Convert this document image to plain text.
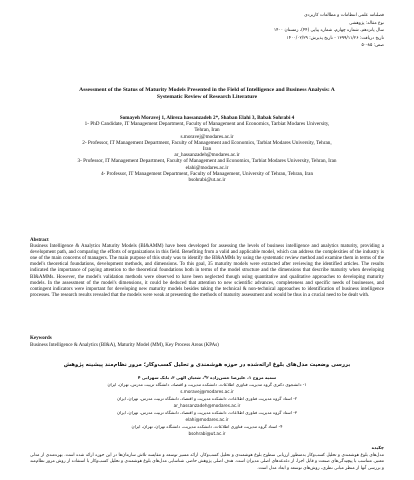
فصلنامه علمی انتظامات و مطالعات کاربردی
نوع مقاله: پژوهشی
سال پانزدهم، شماره چهارم، شماره پیاپی (۴۴)، زمستان ۱۴۰۰
تاریخ دریافت: ۱۳۹۹/۱۱/۲۶ - تاریخ پذیرش: ۱۴۰۰/۰۲/۲۹
صص: ۸۵-۵۰
Assessment of the Status of Maturity Models Presented in the Field of Intelligence and Business Analysis: A
Systematic Review of Research Literature
Somayeh Moravej 1, Alireza hassanzadeh 2*, Shaban Elahi 3, Babak Sohrabi 4
1- PhD Candidate, IT Management Department, Faculty of Management and Economics, Tarbiat Modares University,
Tehran, Iran
s.moravej@modares.ac.ir
2- Professor, IT Management Department, Faculty of Management and Economics, Tarbiat Modares University, Tehran,
Iran
ar_hassanzadeh@modares.ac.ir
3- Professor, IT Management Department, Faculty of Management and Economics, Tarbiat Modares University, Tehran, Iran
elahi@modares.ac.ir
4- Professor, IT Management Department, Faculty of Management, University of Tehran, Tehran, Iran
bsohrabi@ut.ac.ir
Abstract
Business Intelligence & Analytics Maturity Models (BI&AMM) have been developed for assessing the levels of business intelligence and analytics maturity, providing a development path, and comparing the efforts of organizations in this field. Benefiting from a valid and applicable model, which can address the complexities of the industry is one of the main concerns of managers. The main purpose of this study was to identify the BI&AMMs by using the systematic review method and examine them in terms of the model's theoretical foundations, development methods, and dimensions. To this goal, 35 maturity models were extracted after reviewing the identified articles. The results indicated the importance of paying attention to the theoretical foundations both in terms of the model structure and the dimensions that describe maturity when developing BI&AMMs. However, the model's validation methods were observed to have been neglected though using quantitative and qualitative approaches to developing maturity models. In the assessment of the model's dimensions, it could be deduced that attention to new scientific advances, completeness and specific needs of businesses, and contingent indicators were important for developing new maturity models besides taking the technical & non-technical approaches to identification of business intelligence processes. The research results revealed that the models were weak at presenting the methods of maturity assessment and would be thus in a crucial need to be dealt with.
Keywords
Business Intelligence & Analytics (BI&A), Maturity Model (MM), Key Process Areas (KPAs)
بررسی وضعیت مدل‌های بلوغ ارائه‌شده در حوزه هوشمندی و تحلیل کسب‌وکار؛ مرور نظام‌مند پیشینه پژوهش
سمیه مروج ۱، علیرضا حسن‌زاده ۲*، شعبان الهی ۳، بابک سهرابی ۴
۱- دانشجوی دکتری گروه مدیریت فناوری اطلاعات، دانشکده مدیریت و اقتصاد، دانشگاه تربیت مدرس، تهران، ایران
s.moravej@modares.ac.ir
۲- استاد گروه مدیریت فناوری اطلاعات، دانشکده مدیریت و اقتصاد، دانشگاه تربیت مدرس، تهران، ایران
ar_hassanzadeh@modares.ac.ir
۳- استاد گروه مدیریت فناوری اطلاعات، دانشکده مدیریت و اقتصاد، دانشگاه تربیت مدرس، تهران، ایران
elahi@modares.ac.ir
۴- استاد گروه مدیریت فناوری اطلاعات، دانشکده مدیریت، دانشگاه تهران، تهران، ایران
bsohrabi@ut.ac.ir
چکیده
مدل‌های بلوغ هوشمندی و تحلیل کسب‌وکار به‌منظور ارزیابی سطوح بلوغ هوشمندی و تحلیل کسب‌وکار، ارائه مسیر توسعه و مقایسه تلاش سازمان‌ها در این حوزه ارائه شده است. بهره‌مندی از مدلی معتبر، متناسب با پیچیدگی‌های صنعت و قابل اجرا، از دغدغه‌های اصلی مدیران است. هدف اصلی پژوهش حاضر، شناسایی مدل‌های بلوغ هوشمندی و تحلیل کسب‌وکار با استفاده از روش مرور نظام‌مند و بررسی آنها از منظر مبانی نظری، روش‌های توسعه و ابعاد مدل است.
